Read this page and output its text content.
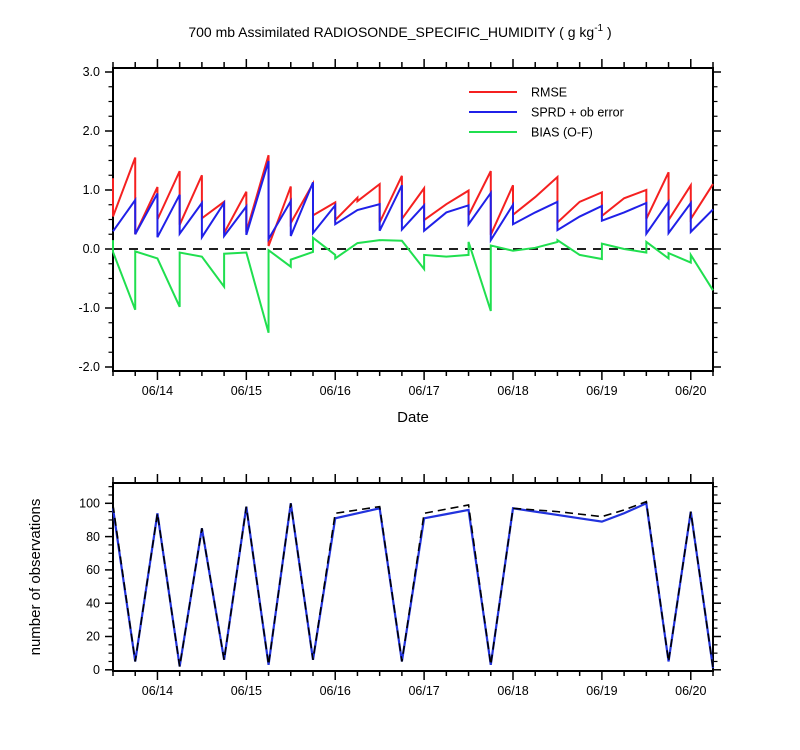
700 mb Assimilated RADIOSONDE_SPECIFIC_HUMIDITY ( g $kg^{-1}$ )
06/14	06/15	06/16	06/17	06/18	06/19	06/20
-2.0
-1.0
0.0
1.0
2.0
3.0
RMSE
SPRD + ob error
BIAS (O-F)
Date
06/14	06/15	06/16	06/17	06/18	06/19	06/20
0
20
40
60
80
100
number of observations
